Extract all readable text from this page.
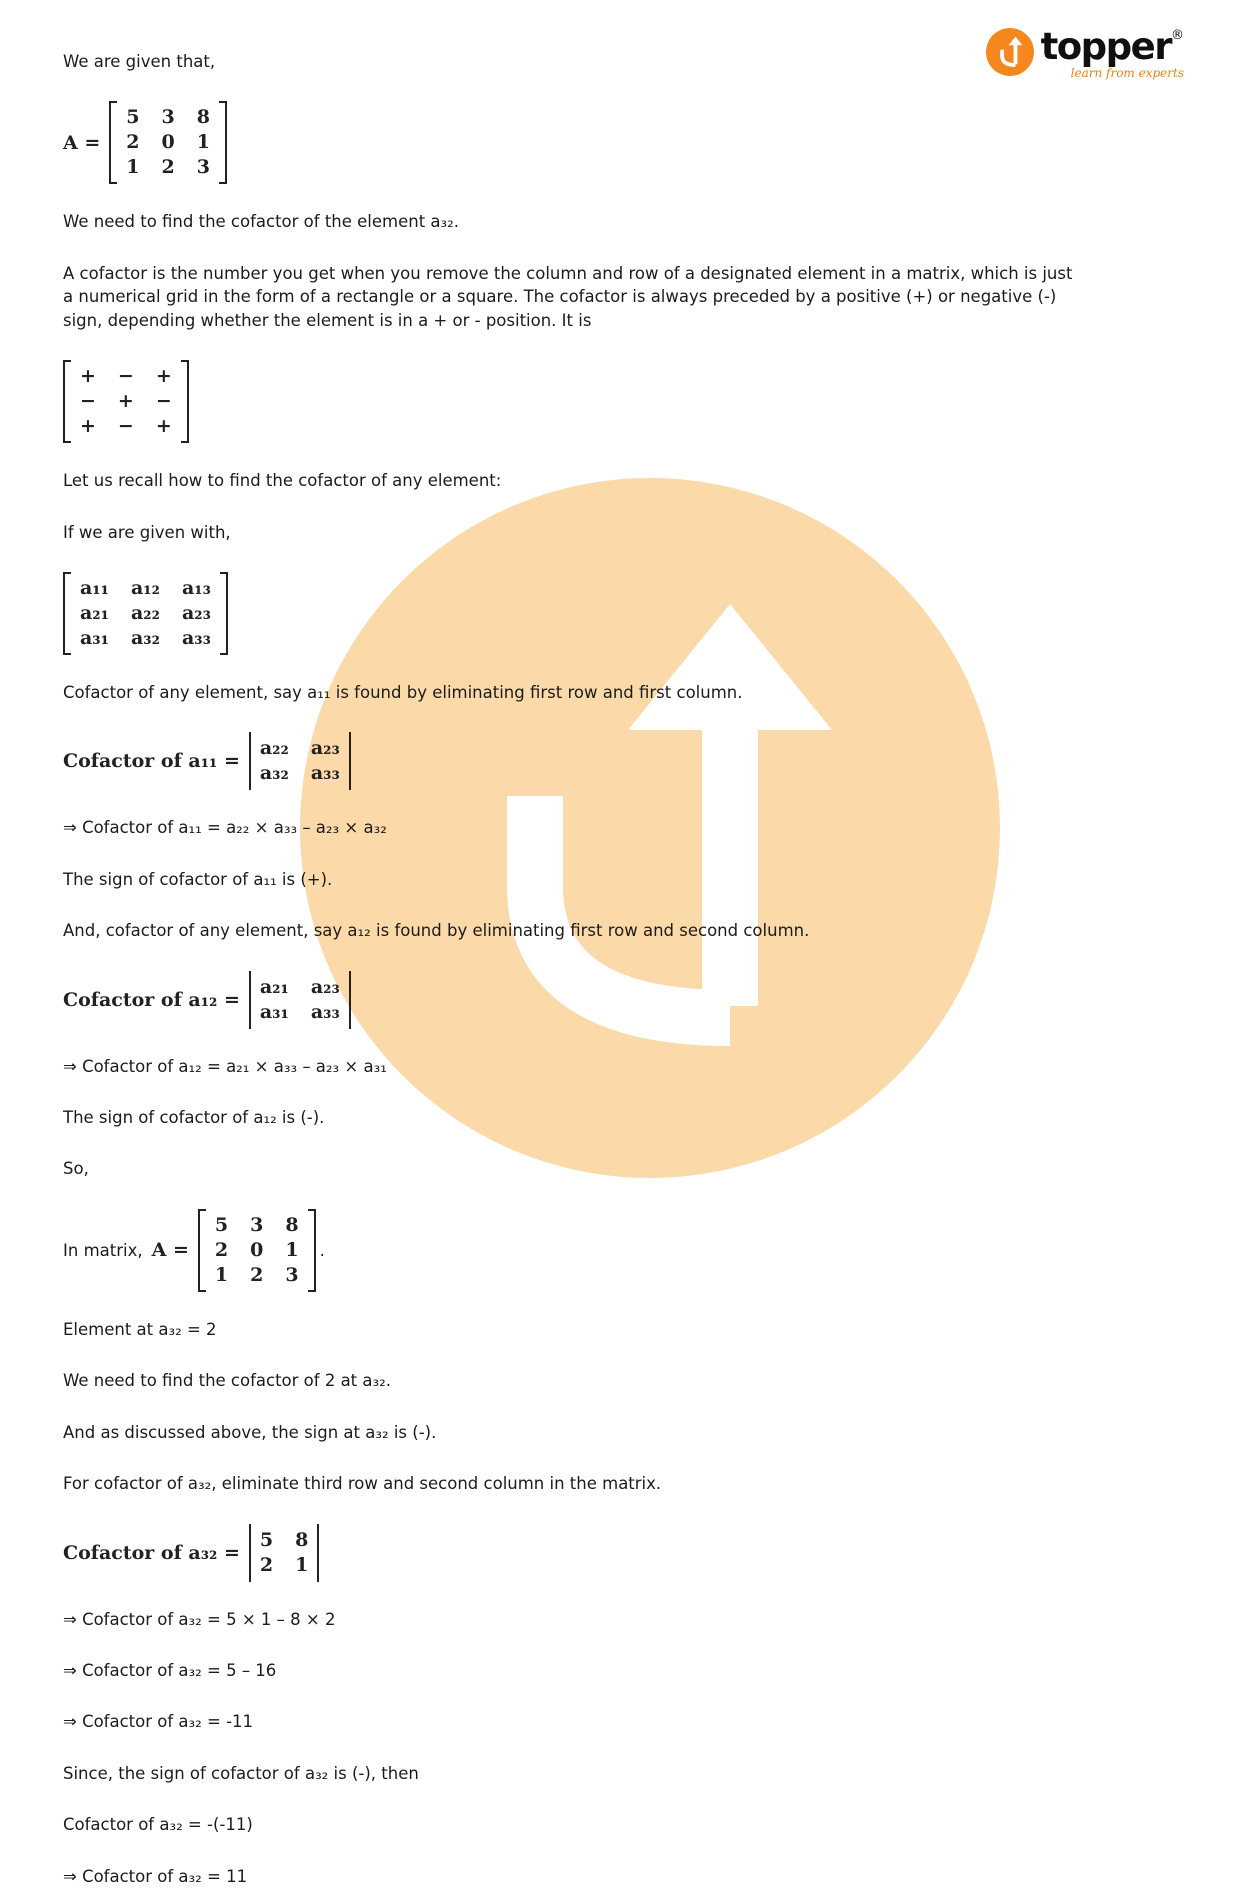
topper ®
learn from experts

We are given that,

A =
5 3 8
2 0 1
1 2 3

We need to find the cofactor of the element a₃₂.

A cofactor is the number you get when you remove the column and row of a designated element in a matrix, which is just a numerical grid in the form of a rectangle or a square. The cofactor is always preceded by a positive (+) or negative (-) sign, depending whether the element is in a + or - position. It is

+ − +
− + −
+ − +

Let us recall how to find the cofactor of any element:

If we are given with,

a₁₁ a₁₂ a₁₃
a₂₁ a₂₂ a₂₃
a₃₁ a₃₂ a₃₃

Cofactor of any element, say a₁₁ is found by eliminating first row and first column.

Cofactor of a₁₁ =
a₂₂ a₂₃
a₃₂ a₃₃

⇒ Cofactor of a₁₁ = a₂₂ × a₃₃ – a₂₃ × a₃₂

The sign of cofactor of a₁₁ is (+).

And, cofactor of any element, say a₁₂ is found by eliminating first row and second column.

Cofactor of a₁₂ =
a₂₁ a₂₃
a₃₁ a₃₃

⇒ Cofactor of a₁₂ = a₂₁ × a₃₃ – a₂₃ × a₃₁

The sign of cofactor of a₁₂ is (-).

So,

In matrix, A =
5 3 8
2 0 1
1 2 3
.

Element at a₃₂ = 2

We need to find the cofactor of 2 at a₃₂.

And as discussed above, the sign at a₃₂ is (-).

For cofactor of a₃₂, eliminate third row and second column in the matrix.

Cofactor of a₃₂ =
5 8
2 1

⇒ Cofactor of a₃₂ = 5 × 1 – 8 × 2

⇒ Cofactor of a₃₂ = 5 – 16

⇒ Cofactor of a₃₂ = -11

Since, the sign of cofactor of a₃₂ is (-), then

Cofactor of a₃₂ = -(-11)

⇒ Cofactor of a₃₂ = 11
